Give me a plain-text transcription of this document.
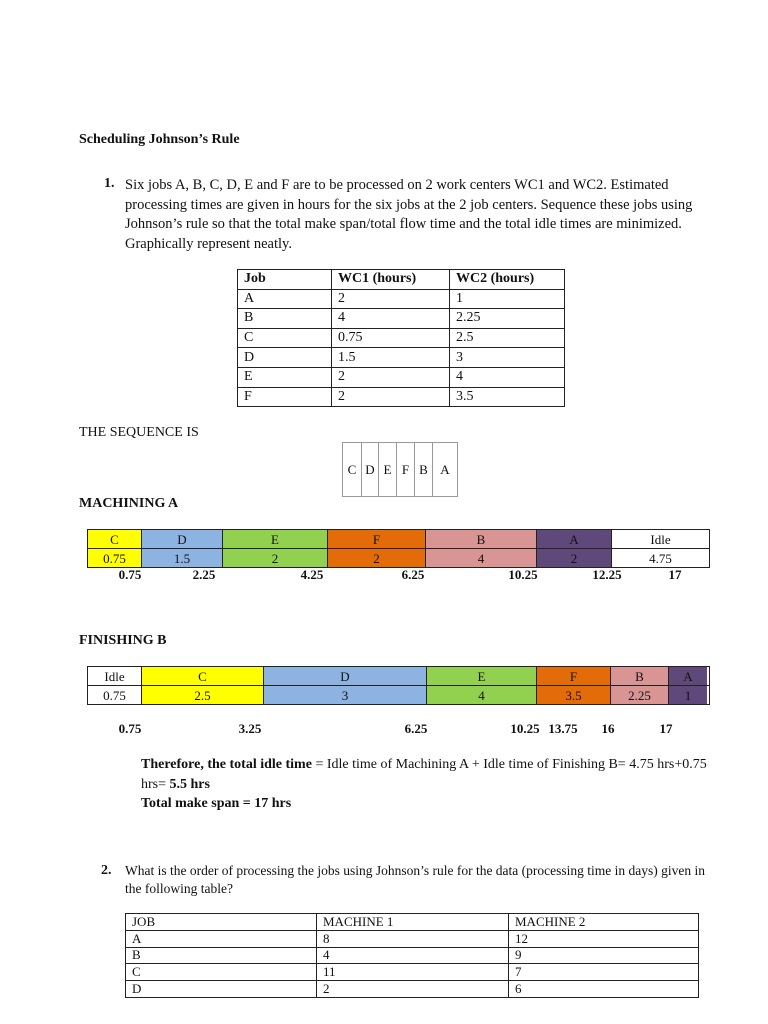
Scheduling Johnson’s Rule
1. Six jobs A, B, C, D, E and F are to be processed on 2 work centers WC1 and WC2. Estimated processing times are given in hours for the six jobs at the 2 job centers. Sequence these jobs using Johnson’s rule so that the total make span/total flow time and the total idle times are minimized. Graphically represent neatly.
Job	WC1 (hours)	WC2 (hours)
A	2	1
B	4	2.25
C	0.75	2.5
D	1.5	3
E	2	4
F	2	3.5
THE SEQUENCE IS
C D E F B A
MACHINING A
C	D	E	F	B	A	Idle
0.75	1.5	2	2	4	2	4.75
0.75	2.25	4.25	6.25	10.25	12.25	17
FINISHING B
Idle	C	D	E	F	B	A
0.75	2.5	3	4	3.5	2.25	1
0.75	3.25	6.25	10.25 13.75 16	17
Therefore, the total idle time = Idle time of Machining A + Idle time of Finishing B= 4.75 hrs+0.75 hrs= 5.5 hrs
Total make span = 17 hrs
2. What is the order of processing the jobs using Johnson’s rule for the data (processing time in days) given in the following table?
JOB	MACHINE 1	MACHINE 2
A	8	12
B	4	9
C	11	7
D	2	6
